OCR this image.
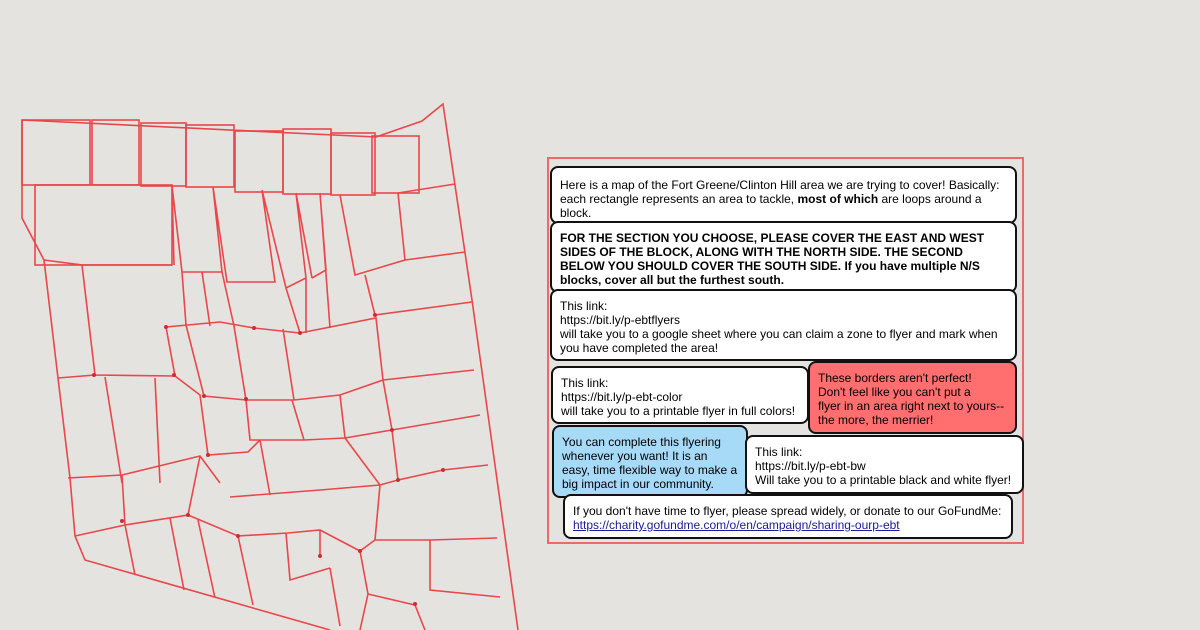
Here is a map of the Fort Greene/Clinton Hill area we are trying to cover! Basically: each rectangle represents an area to tackle, most of which are loops around a block.

FOR THE SECTION YOU CHOOSE, PLEASE COVER THE EAST AND WEST SIDES OF THE BLOCK, ALONG WITH THE NORTH SIDE. THE SECOND BELOW YOU SHOULD COVER THE SOUTH SIDE. If you have multiple N/S blocks, cover all but the furthest south.

This link:
https://bit.ly/p-ebtflyers
will take you to a google sheet where you can claim a zone to flyer and mark when you have completed the area!
This link:
https://bit.ly/p-ebt-color
will take you to a printable flyer in full colors!
These borders aren't perfect!
Don't feel like you can't put a
flyer in an area right next to yours--
the more, the merrier!

You can complete this flyering whenever you want! It is an easy, time flexible way to make a big impact in our community.

This link:
https://bit.ly/p-ebt-bw
Will take you to a printable black and white flyer!
If you don't have time to flyer, please spread widely, or donate to our GoFundMe:
https://charity.gofundme.com/o/en/campaign/sharing-ourp-ebt
